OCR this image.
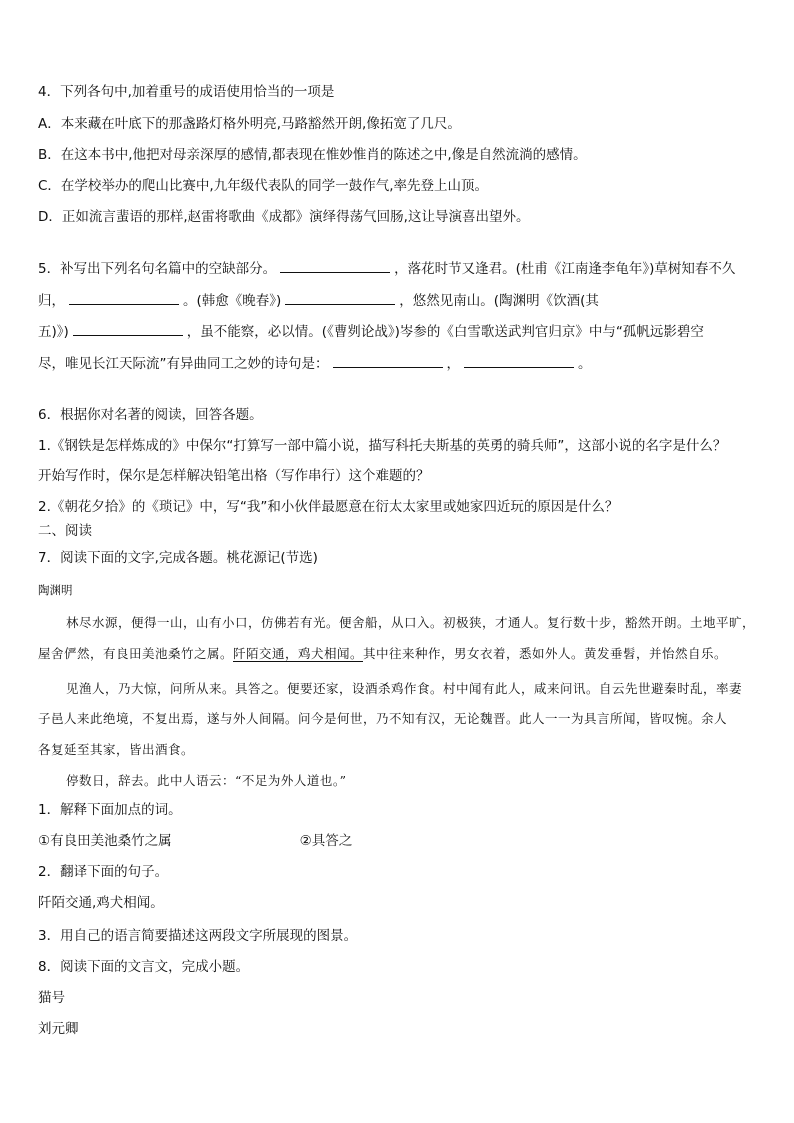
4．下列各句中,加着重号的成语使用恰当的一项是
A．本来藏在叶底下的那盏路灯格外明亮,马路豁然开朗,像拓宽了几尺。
B．在这本书中,他把对母亲深厚的感情,都表现在惟妙惟肖的陈述之中,像是自然流淌的感情。
C．在学校举办的爬山比赛中,九年级代表队的同学一鼓作气,率先登上山顶。
D．正如流言蜚语的那样,赵雷将歌曲《成都》演绎得荡气回肠,这让导演喜出望外。
5．补写出下列名句名篇中的空缺部分。	，落花时节又逢君。(杜甫《江南逢李龟年》)草树知春不久
归，	。(韩愈《晚春》)	，悠然见南山。(陶渊明《饮酒(其
五)》)	，虽不能察，必以情。(《曹刿论战》)岑参的《白雪歌送武判官归京》中与“孤帆远影碧空
尽，唯见长江天际流”有异曲同工之妙的诗句是：	，	。
6．根据你对名著的阅读，回答各题。
1.《钢铁是怎样炼成的》中保尔“打算写一部中篇小说，描写科托夫斯基的英勇的骑兵师”，这部小说的名字是什么？
开始写作时，保尔是怎样解决铅笔出格（写作串行）这个难题的？
2.《朝花夕拾》的《琐记》中，写“我”和小伙伴最愿意在衍太太家里或她家四近玩的原因是什么？
二、阅读
7．阅读下面的文字,完成各题。桃花源记(节选)
陶渊明
林尽水源，便得一山，山有小口，仿佛若有光。便舍船，从口入。初极狭，才通人。复行数十步，豁然开朗。土地平旷，
屋舍俨然，有良田美池桑竹之属。阡陌交通，鸡犬相闻。其中往来种作，男女衣着，悉如外人。黄发垂髫，并怡然自乐。
见渔人，乃大惊，问所从来。具答之。便要还家，设酒杀鸡作食。村中闻有此人，咸来问讯。自云先世避秦时乱，率妻
子邑人来此绝境，不复出焉，遂与外人间隔。问今是何世，乃不知有汉，无论魏晋。此人一一为具言所闻，皆叹惋。余人
各复延至其家，皆出酒食。
停数日，辞去。此中人语云：“不足为外人道也。”
1．解释下面加点的词。
①有良田美池桑竹之属	②具答之
2．翻译下面的句子。
阡陌交通,鸡犬相闻。
3．用自己的语言简要描述这两段文字所展现的图景。
8．阅读下面的文言文，完成小题。
猫号
刘元卿
